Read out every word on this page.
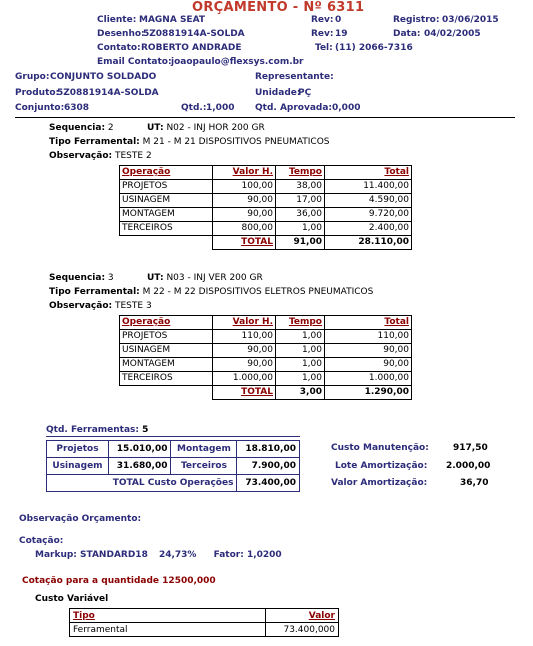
ORÇAMENTO - Nº 6311
Cliente: MAGNA SEAT	Rev: 0	Registro: 03/06/2015
Desenho:
5Z0881914A-SOLDA	Rev: 19	Data: 04/02/2005
Contato: ROBERTO ANDRADE	Tel: (11) 2066-7316
Email Contato: joaopaulo@flexsys.com.br
Grupo: CONJUNTO SOLDADO	Representante:
Produto:
5Z0881914A-SOLDA	Unidade:
PÇ
Conjunto: 6308	Qtd.: 1,000 Qtd. Aprovada: 0,000
Sequencia: 2	UT: N02 - INJ HOR 200 GR
Tipo Ferramental: M 21 - M 21 DISPOSITIVOS PNEUMATICOS
Observação: TESTE 2
Operação	Valor H.	Tempo	Total
PROJETOS	100,00	38,00	11.400,00
USINAGEM	90,00	17,00	4.590,00
MONTAGEM	90,00	36,00	9.720,00
TERCEIROS	800,00	1,00	2.400,00
	TOTAL	91,00	28.110,00
Sequencia: 3	UT: N03 - INJ VER 200 GR
Tipo Ferramental: M 22 - M 22 DISPOSITIVOS ELETROS PNEUMATICOS
Observação: TESTE 3
Operação	Valor H.	Tempo	Total
PROJETOS	110,00	1,00	110,00
USINAGEM	90,00	1,00	90,00
MONTAGEM	90,00	1,00	90,00
TERCEIROS	1.000,00	1,00	1.000,00
	TOTAL	3,00	1.290,00
Qtd. Ferramentas: 5
Projetos	15.010,00	Montagem	18.810,00
Usinagem	31.680,00	Terceiros	7.900,00
TOTAL Custo Operações			73.400,00
Custo Manutenção:	917,50
Lote Amortização: 2.000,00
Valor Amortização:	36,70
Observação Orçamento:
Cotação:
Markup: STANDARD18 24,73% Fator: 1,0200
Cotação para a quantidade 12500,000
Custo Variável
Tipo	Valor
Ferramental	73.400,000
